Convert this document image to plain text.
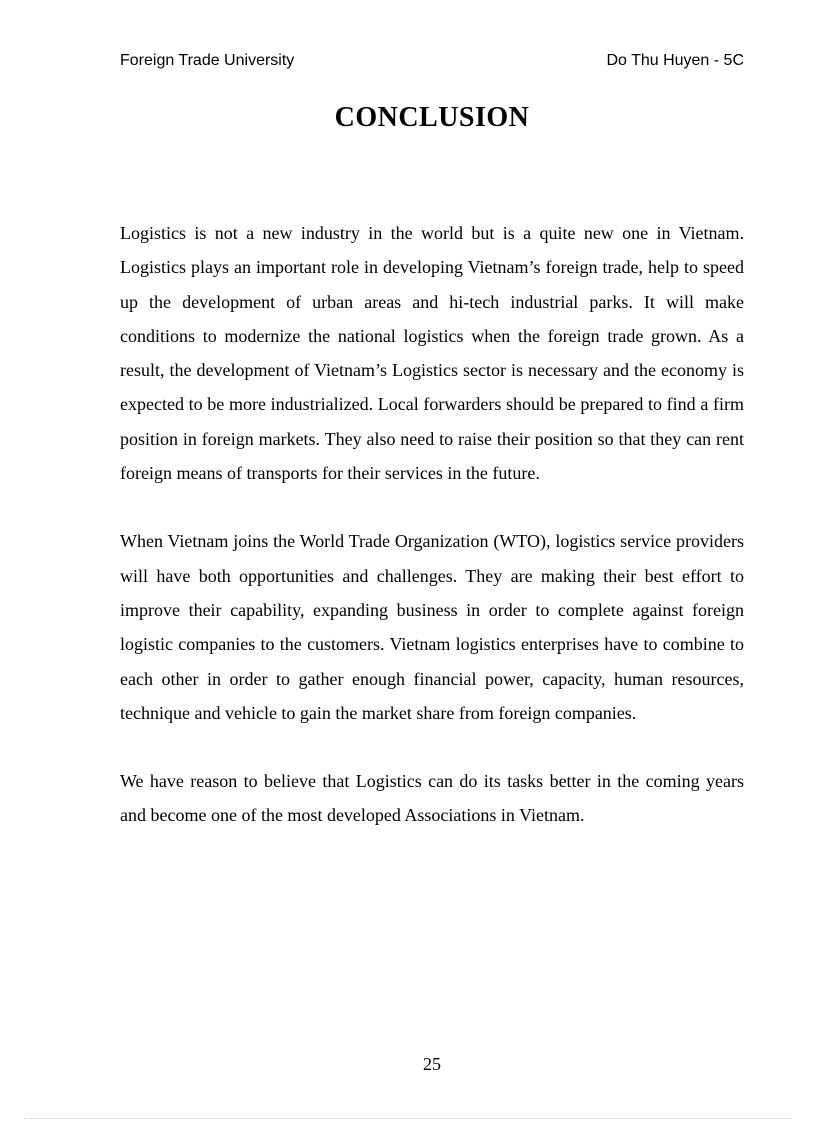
Foreign Trade University	Do Thu Huyen - 5C
CONCLUSION

Logistics is not a new industry in the world but is a quite new one in Vietnam. Logistics plays an important role in developing Vietnam’s foreign trade, help to speed up the development of urban areas and hi-tech industrial parks. It will make conditions to modernize the national logistics when the foreign trade grown. As a result, the development of Vietnam’s Logistics sector is necessary and the economy is expected to be more industrialized. Local forwarders should be prepared to find a firm position in foreign markets. They also need to raise their position so that they can rent foreign means of transports for their services in the future.

When Vietnam joins the World Trade Organization (WTO), logistics service providers will have both opportunities and challenges. They are making their best effort to improve their capability, expanding business in order to complete against foreign logistic companies to the customers. Vietnam logistics enterprises have to combine to each other in order to gather enough financial power, capacity, human resources, technique and vehicle to gain the market share from foreign companies.

We have reason to believe that Logistics can do its tasks better in the coming years and become one of the most developed Associations in Vietnam.

25
